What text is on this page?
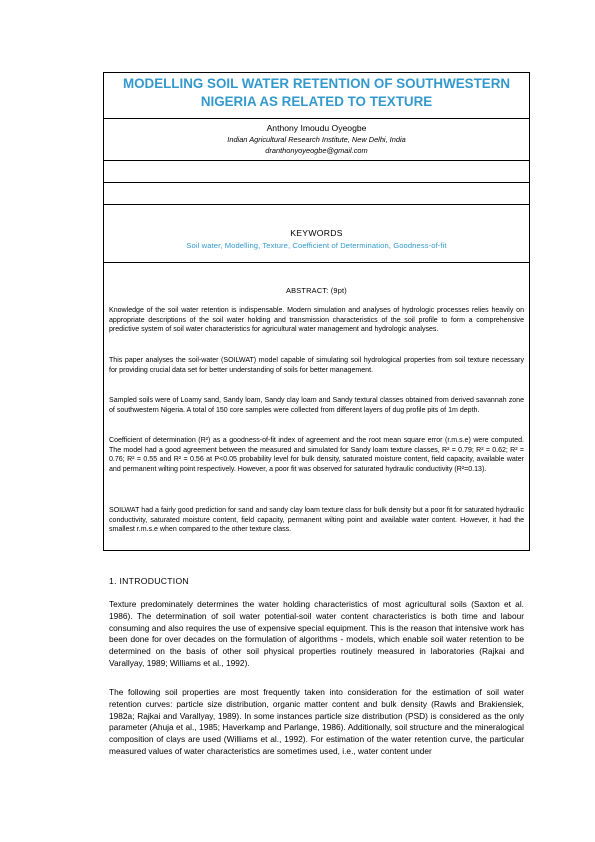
MODELLING SOIL WATER RETENTION OF SOUTHWESTERN NIGERIA AS RELATED TO TEXTURE
Anthony Imoudu Oyeogbe
Indian Agricultural Research Institute, New Delhi, India
dranthonyoyeogbe@gmail.com
KEYWORDS
Soil water, Modelling, Texture, Coefficient of Determination, Goodness-of-fit
ABSTRACT: (9pt)

Knowledge of the soil water retention is indispensable. Modern simulation and analyses of hydrologic processes relies heavily on appropriate descriptions of the soil water holding and transmission characteristics of the soil profile to form a comprehensive predictive system of soil water characteristics for agricultural water management and hydrologic analyses.

This paper analyses the soil-water (SOILWAT) model capable of simulating soil hydrological properties from soil texture necessary for providing crucial data set for better understanding of soils for better management.

Sampled soils were of Loamy sand, Sandy loam, Sandy clay loam and Sandy textural classes obtained from derived savannah zone of southwestern Nigeria. A total of 150 core samples were collected from different layers of dug profile pits of 1m depth.

Coefficient of determination (R²) as a goodness-of-fit index of agreement and the root mean square error (r.m.s.e) were computed. The model had a good agreement between the measured and simulated for Sandy loam texture classes, R² = 0.79; R² = 0.62; R² = 0.76; R² = 0.55 and R² = 0.56 at P<0.05 probability level for bulk density, saturated moisture content, field capacity, available water and permanent wilting point respectively. However, a poor fit was observed for saturated hydraulic conductivity (R²=0.13).

SOILWAT had a fairly good prediction for sand and sandy clay loam texture class for bulk density but a poor fit for saturated hydraulic conductivity, saturated moisture content, field capacity, permanent wilting point and available water content. However, it had the smallest r.m.s.e when compared to the other texture class.

1. INTRODUCTION

Texture predominately determines the water holding characteristics of most agricultural soils (Saxton et al. 1986). The determination of soil water potential-soil water content characteristics is both time and labour consuming and also requires the use of expensive special equipment. This is the reason that intensive work has been done for over decades on the formulation of algorithms - models, which enable soil water retention to be determined on the basis of other soil physical properties routinely measured in laboratories (Rajkai and Varallyay, 1989; Williams et al., 1992).

The following soil properties are most frequently taken into consideration for the estimation of soil water retention curves: particle size distribution, organic matter content and bulk density (Rawls and Brakiensiek, 1982a; Rajkai and Varallyay, 1989). In some instances particle size distribution (PSD) is considered as the only parameter (Ahuja et al., 1985; Haverkamp and Parlange, 1986). Additionally, soil structure and the mineralogical composition of clays are used (Williams et al., 1992). For estimation of the water retention curve, the particular measured values of water characteristics are sometimes used, i.e., water content under
